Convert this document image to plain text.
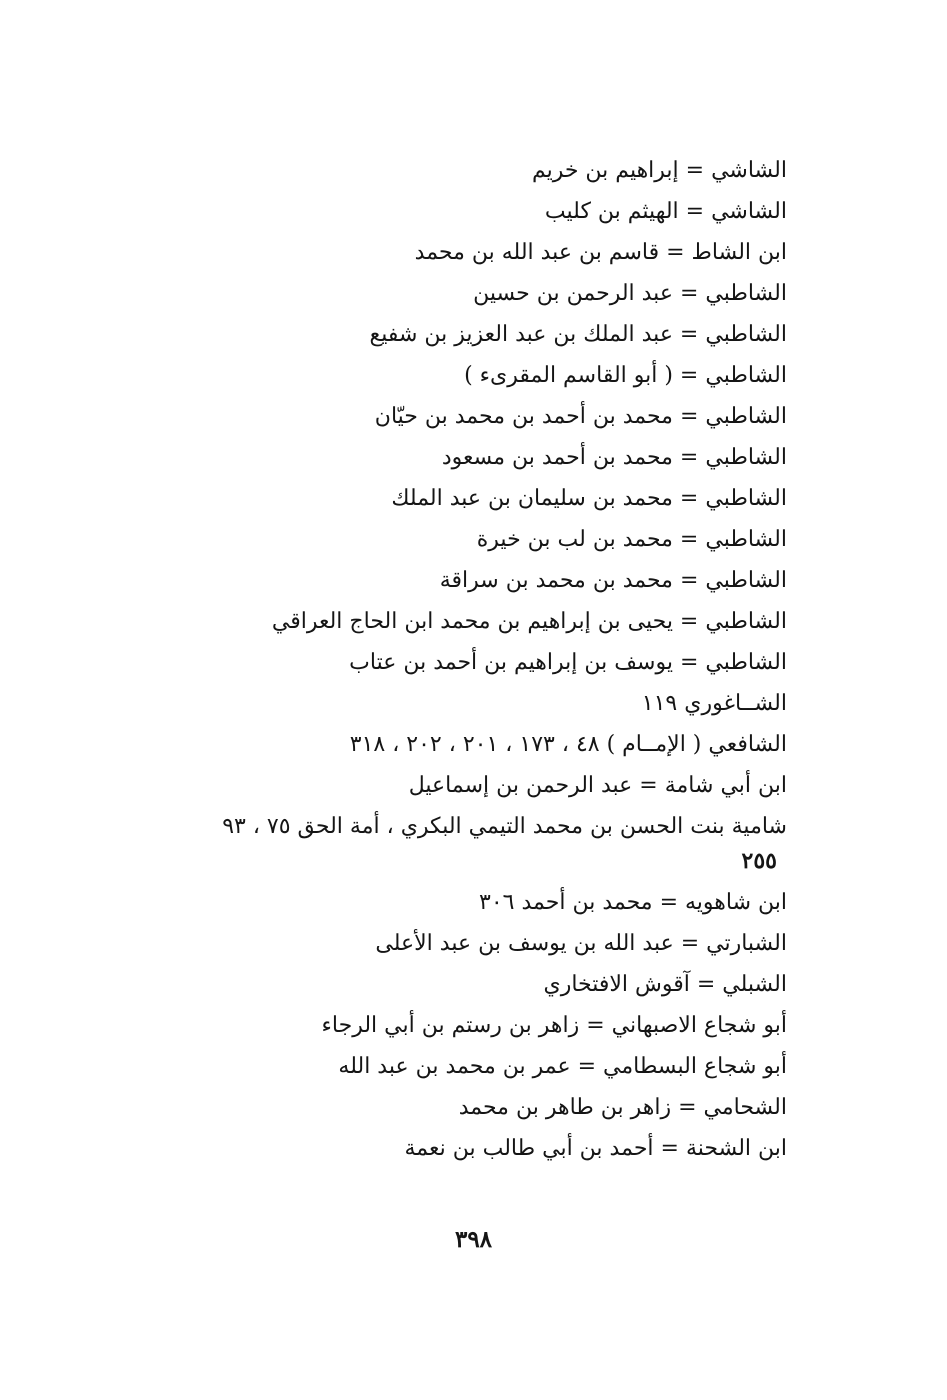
الشاشي = إبراهيم بن خريم
الشاشي = الهيثم بن كليب
ابن الشاط = قاسم بن عبد الله بن محمد
الشاطبي = عبد الرحمن بن حسين
الشاطبي = عبد الملك بن عبد العزيز بن شفيع
الشاطبي = ( أبو القاسم المقرىء )
الشاطبي = محمد بن أحمد بن محمد بن حيّان
الشاطبي = محمد بن أحمد بن مسعود
الشاطبي = محمد بن سليمان بن عبد الملك
الشاطبي = محمد بن لب بن خيرة
الشاطبي = محمد بن محمد بن سراقة
الشاطبي = يحيى بن إبراهيم بن محمد ابن الحاج العراقي
الشاطبي = يوسف بن إبراهيم بن أحمد بن عتاب
الشــاغوري ١١٩
الشافعي ( الإمــام ) ٤٨ ، ١٧٣ ، ٢٠١ ، ٢٠٢ ، ٣١٨
ابن أبي شامة = عبد الرحمن بن إسماعيل
شامية بنت الحسن بن محمد التيمي البكري ، أمة الحق ٧٥ ، ٩٣
٢٥٥
ابن شاهويه = محمد بن أحمد ٣٠٦
الشبارتي = عبد الله بن يوسف بن عبد الأعلى
الشبلي = آقوش الافتخاري
أبو شجاع الاصبهاني = زاهر بن رستم بن أبي الرجاء
أبو شجاع البسطامي = عمر بن محمد بن عبد الله
الشحامي = زاهر بن طاهر بن محمد
ابن الشحنة = أحمد بن أبي طالب بن نعمة
٣٩٨
